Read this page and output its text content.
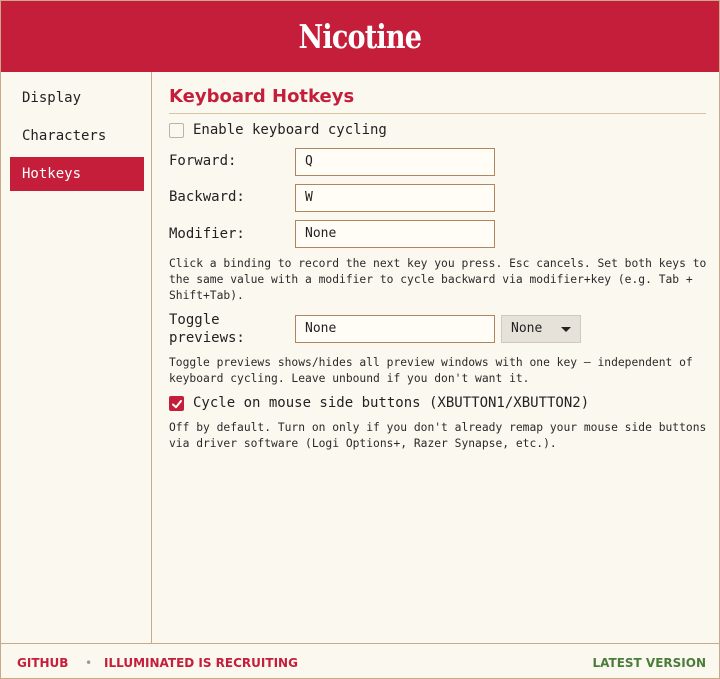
Nicotine
Display
Characters
Hotkeys
Keyboard Hotkeys
Enable keyboard cycling
Forward:	Q
Backward:	W
Modifier:	None
Click a binding to record the next key you press. Esc cancels. Set both keys to the same value with a modifier to cycle backward via modifier+key (e.g. Tab + Shift+Tab).
Toggle
previews:
None	None
Toggle previews shows/hides all preview windows with one key — independent of keyboard cycling. Leave unbound if you don't want it.
Cycle on mouse side buttons (XBUTTON1/XBUTTON2)
Off by default. Turn on only if you don't already remap your mouse side buttons via driver software (Logi Options+, Razer Synapse, etc.).
GITHUB • ILLUMINATED IS RECRUITING	LATEST VERSION
